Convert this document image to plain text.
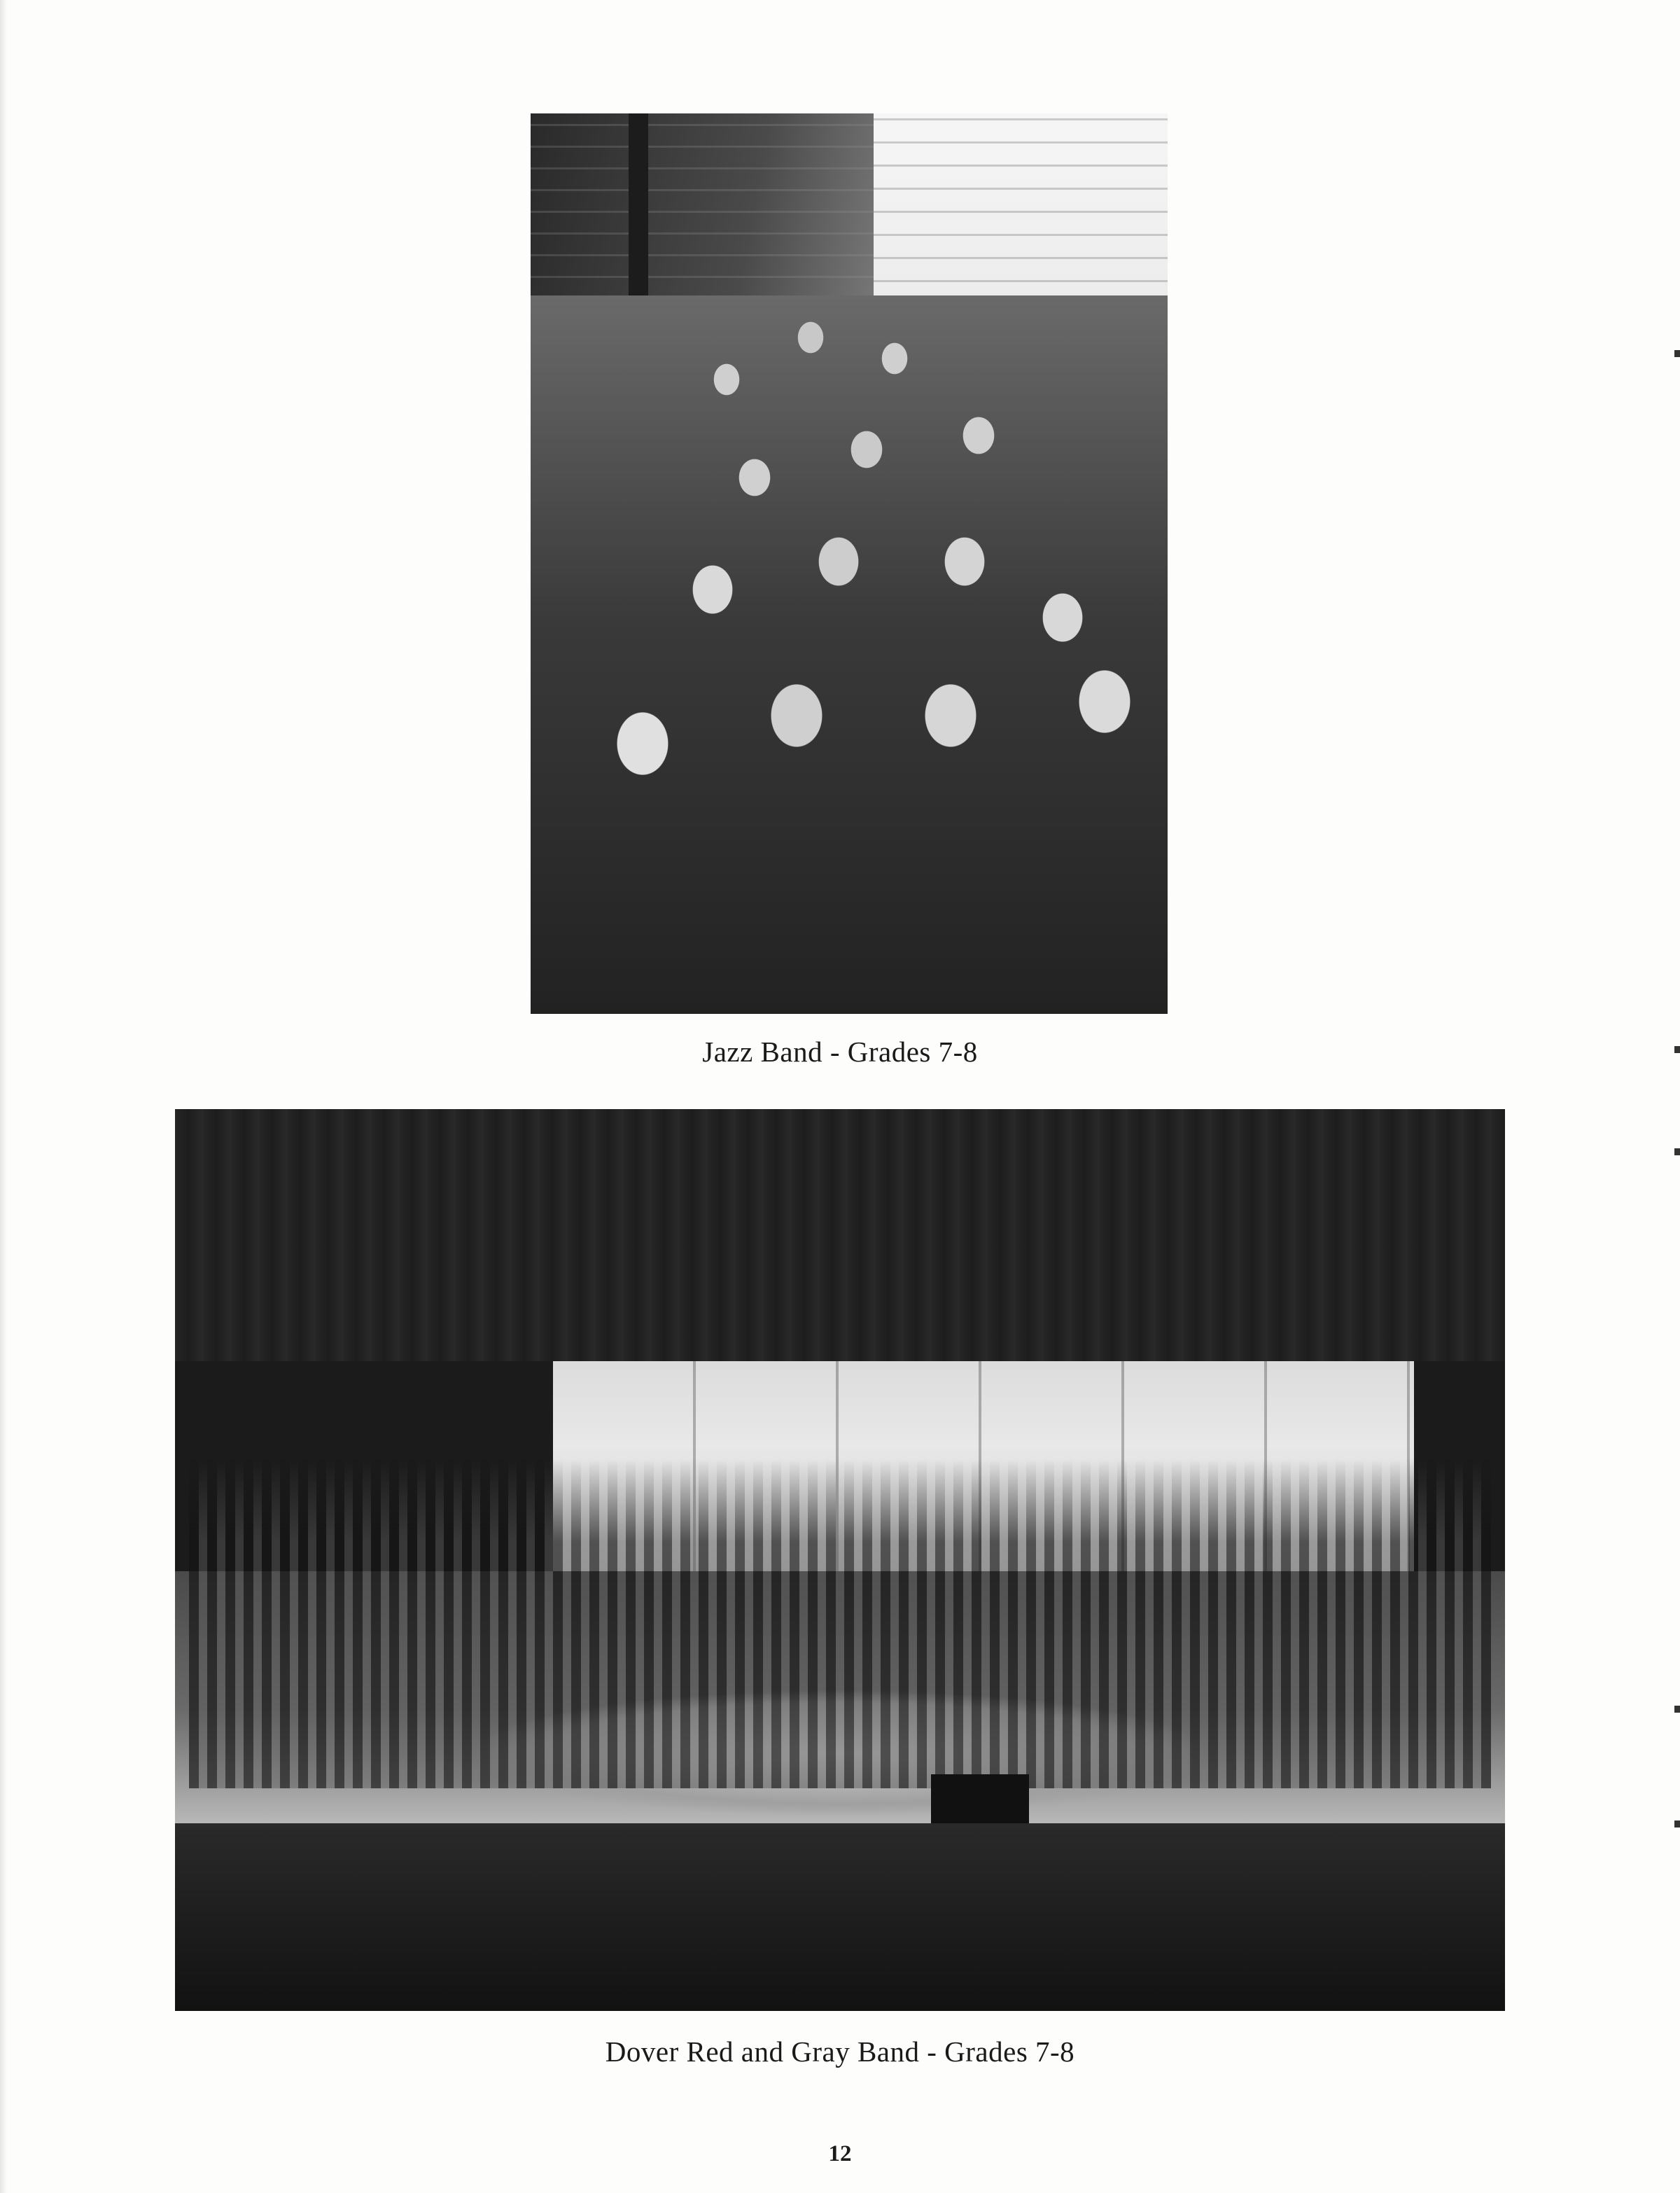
Jazz Band - Grades 7-8
Dover Red and Gray Band - Grades 7-8
12
